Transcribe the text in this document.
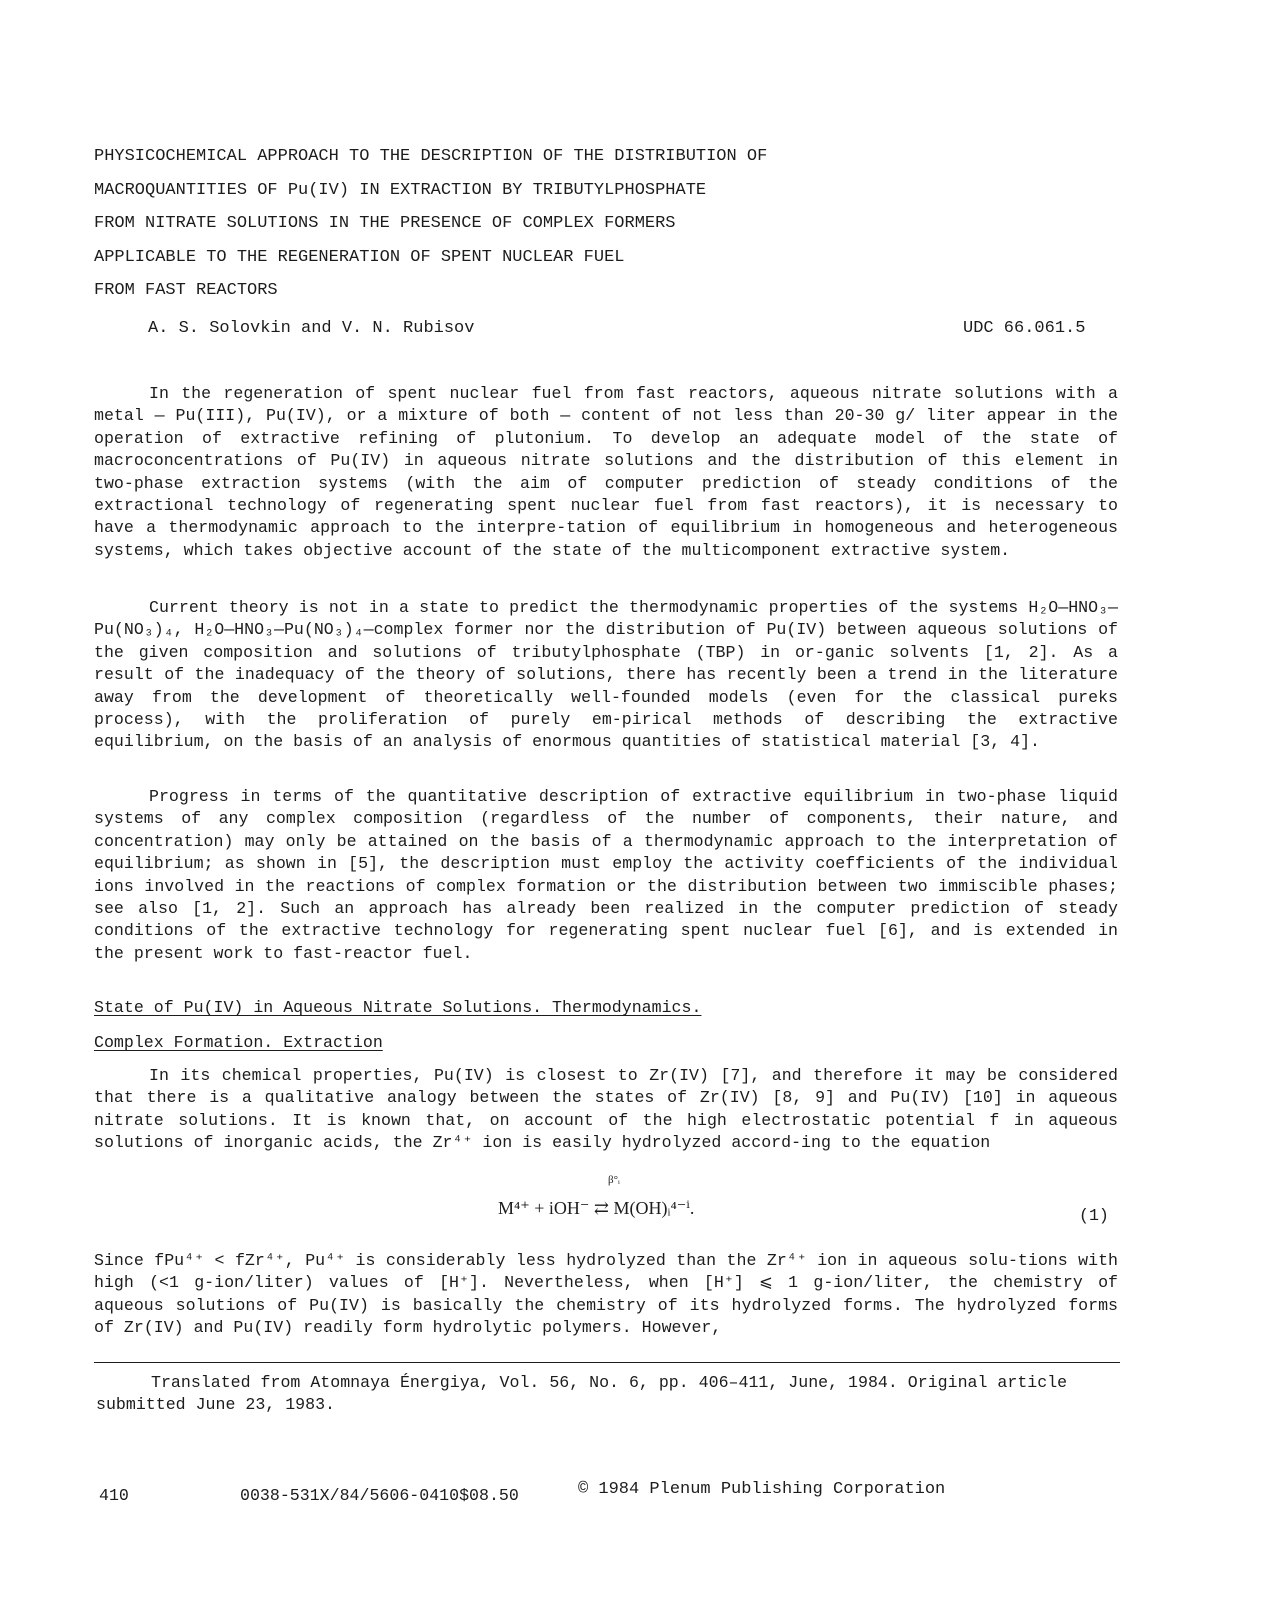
PHYSICOCHEMICAL APPROACH TO THE DESCRIPTION OF THE DISTRIBUTION OF
MACROQUANTITIES OF Pu(IV) IN EXTRACTION BY TRIBUTYLPHOSPHATE
FROM NITRATE SOLUTIONS IN THE PRESENCE OF COMPLEX FORMERS
APPLICABLE TO THE REGENERATION OF SPENT NUCLEAR FUEL
FROM FAST REACTORS
A. S. Solovkin and V. N. Rubisov	UDC 66.061.5

In the regeneration of spent nuclear fuel from fast reactors, aqueous nitrate solutions with a metal — Pu(III), Pu(IV), or a mixture of both — content of not less than 20-30 g/ liter appear in the operation of extractive refining of plutonium. To develop an adequate model of the state of macroconcentrations of Pu(IV) in aqueous nitrate solutions and the distribution of this element in two-phase extraction systems (with the aim of computer prediction of steady conditions of the extractional technology of regenerating spent nuclear fuel from fast reactors), it is necessary to have a thermodynamic approach to the interpre-tation of equilibrium in homogeneous and heterogeneous systems, which takes objective account of the state of the multicomponent extractive system.

Current theory is not in a state to predict the thermodynamic properties of the systems H₂O—HNO₃—Pu(NO₃)₄, H₂O—HNO₃—Pu(NO₃)₄—complex former nor the distribution of Pu(IV) between aqueous solutions of the given composition and solutions of tributylphosphate (TBP) in or-ganic solvents [1, 2]. As a result of the inadequacy of the theory of solutions, there has recently been a trend in the literature away from the development of theoretically well-founded models (even for the classical pureks process), with the proliferation of purely em-pirical methods of describing the extractive equilibrium, on the basis of an analysis of enormous quantities of statistical material [3, 4].

Progress in terms of the quantitative description of extractive equilibrium in two-phase liquid systems of any complex composition (regardless of the number of components, their nature, and concentration) may only be attained on the basis of a thermodynamic approach to the interpretation of equilibrium; as shown in [5], the description must employ the activity coefficients of the individual ions involved in the reactions of complex formation or the distribution between two immiscible phases; see also [1, 2]. Such an approach has already been realized in the computer prediction of steady conditions of the extractive technology for regenerating spent nuclear fuel [6], and is extended in the present work to fast-reactor fuel.

State of Pu(IV) in Aqueous Nitrate Solutions. Thermodynamics.
Complex Formation. Extraction

In its chemical properties, Pu(IV) is closest to Zr(IV) [7], and therefore it may be considered that there is a qualitative analogy between the states of Zr(IV) [8, 9] and Pu(IV) [10] in aqueous nitrate solutions. It is known that, on account of the high electrostatic potential f in aqueous solutions of inorganic acids, the Zr⁴⁺ ion is easily hydrolyzed accord-ing to the equation

β°ᵢ
M⁴⁺ + iOH⁻ ⇄ M(OH)ᵢ⁴⁻ⁱ.	(1)

Since fPu⁴⁺ < fZr⁴⁺, Pu⁴⁺ is considerably less hydrolyzed than the Zr⁴⁺ ion in aqueous solu-tions with high (<1 g-ion/liter) values of [H⁺]. Nevertheless, when [H⁺] ⩽ 1 g-ion/liter, the chemistry of aqueous solutions of Pu(IV) is basically the chemistry of its hydrolyzed forms. The hydrolyzed forms of Zr(IV) and Pu(IV) readily form hydrolytic polymers. However,

Translated from Atomnaya Énergiya, Vol. 56, No. 6, pp. 406–411, June, 1984. Original article submitted June 23, 1983.

410	0038-531X/84/5606-0410$08.50	© 1984 Plenum Publishing Corporation
